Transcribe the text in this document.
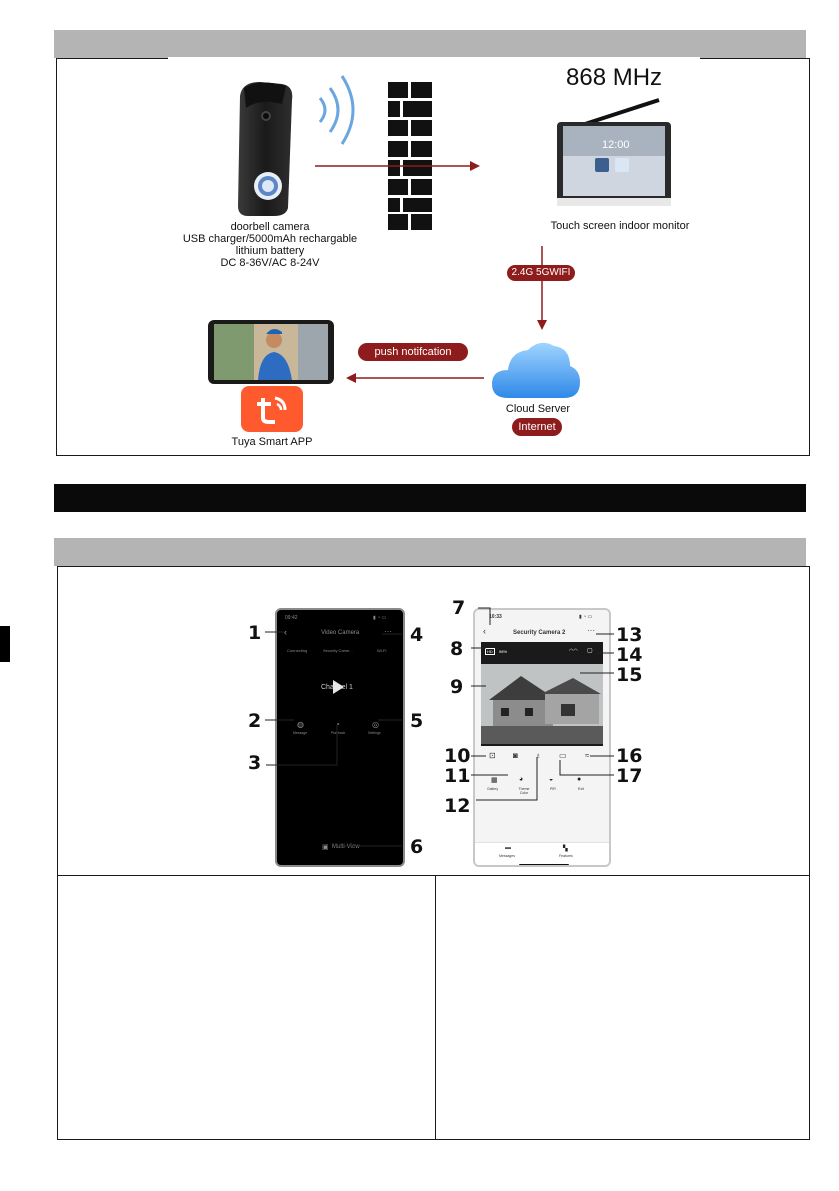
868 MHz
12:00
doorbell camera
USB charger/5000mAh rechargable
lithium battery
DC 8-36V/AC 8-24V
Touch screen indoor monitor
2.4G 5GWIFI
Cloud Server
Internet
push notifcation
Tuya Smart APP
09:42	▮ ◔ ▭
‹	Video Camera	···
Connecting	Security Came...	Wi-Fi
Channel 1
◍
Message
◔
Playback
◎
Settings
▣ Multi-View
10:33	▮ ◔ ▭
‹	Security Camera 2	···
HD	98%	◠◠ ▢
⊡ ◙ ♁ ▭ ≈
▦
Gallery
◕
Theme Color
◒
PIR
●
Exit
▬
Messages
▚
Features
1
2
3
4
5
6
7
8
9
10
11
12
13
14
15
16
17
